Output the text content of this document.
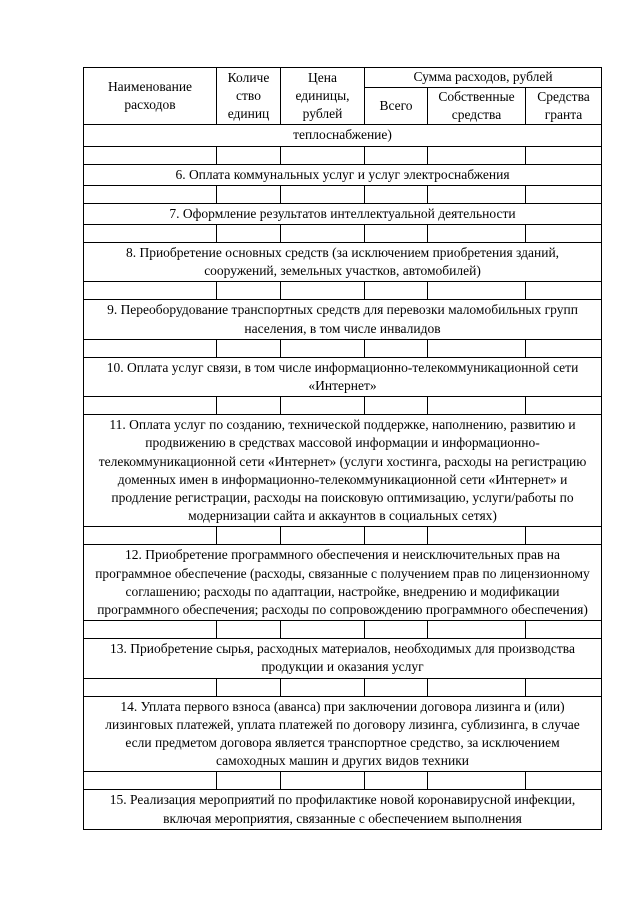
Наименование расходов	Количе ство единиц	Цена единицы, рублей	Сумма расходов, рублей		
			Всего	Собственные средства	Средства гранта
теплоснабжение)					

6. Оплата коммунальных услуг и услуг электроснабжения					

7. Оформление результатов интеллектуальной деятельности					

8. Приобретение основных средств (за исключением приобретения зданий, сооружений, земельных участков, автомобилей)					

9. Переоборудование транспортных средств для перевозки маломобильных групп населения, в том числе инвалидов					

10. Оплата услуг связи, в том числе информационно-телекоммуникационной сети «Интернет»					

11. Оплата услуг по созданию, технической поддержке, наполнению, развитию и продвижению в средствах массовой информации и информационно-телекоммуникационной сети «Интернет» (услуги хостинга, расходы на регистрацию доменных имен в информационно-телекоммуникационной сети «Интернет» и продление регистрации, расходы на поисковую оптимизацию, услуги/работы по модернизации сайта и аккаунтов в социальных сетях)					

12. Приобретение программного обеспечения и неисключительных прав на программное обеспечение (расходы, связанные с получением прав по лицензионному соглашению; расходы по адаптации, настройке, внедрению и модификации программного обеспечения; расходы по сопровождению программного обеспечения)					

13. Приобретение сырья, расходных материалов, необходимых для производства продукции и оказания услуг					

14. Уплата первого взноса (аванса) при заключении договора лизинга и (или) лизинговых платежей, уплата платежей по договору лизинга, сублизинга, в случае если предметом договора является транспортное средство, за исключением самоходных машин и других видов техники					

15. Реализация мероприятий по профилактике новой коронавирусной инфекции, включая мероприятия, связанные с обеспечением выполнения					
